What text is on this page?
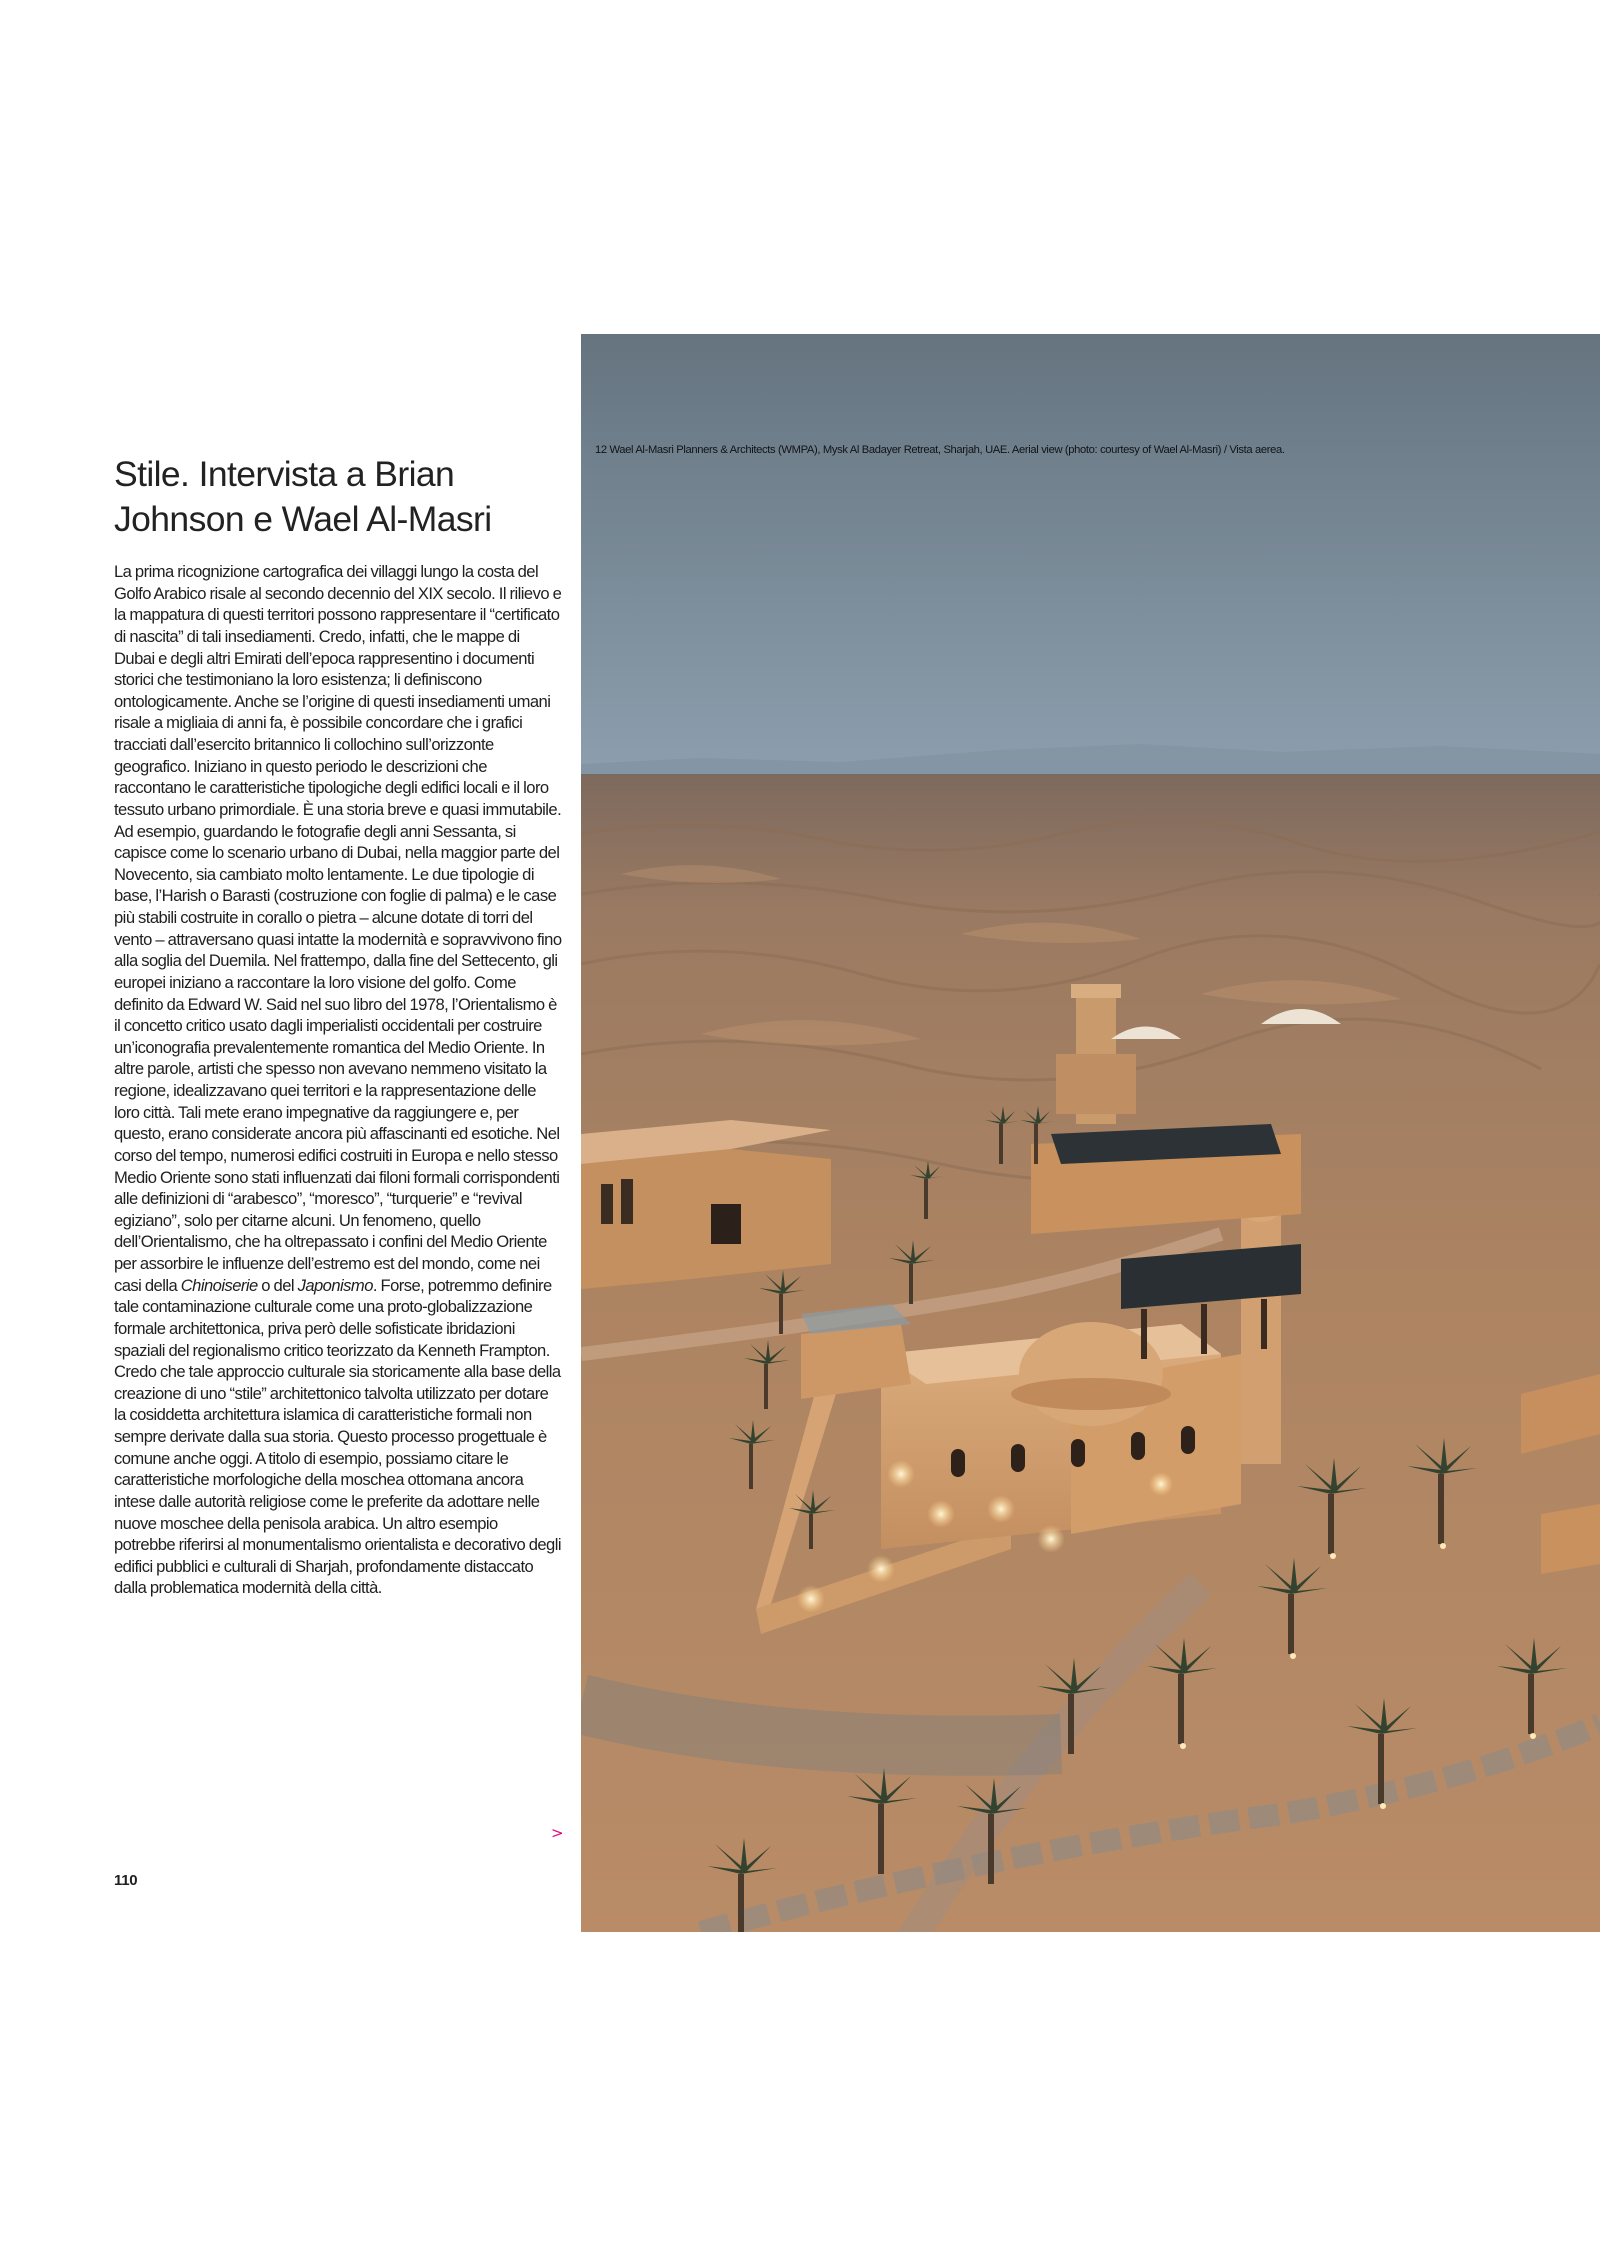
Stile. Intervista a Brian Johnson e Wael Al-Masri
La prima ricognizione cartografica dei villaggi lungo la costa del Golfo Arabico risale al secondo decennio del XIX secolo. Il rilievo e la mappatura di questi territori possono rappresentare il “certificato di nascita” di tali insediamenti. Credo, infatti, che le mappe di Dubai e degli altri Emirati dell’epoca rappresentino i documenti storici che testimoniano la loro esistenza; li definiscono ontologicamente. Anche se l’origine di questi insediamenti umani risale a migliaia di anni fa, è possibile concordare che i grafici tracciati dall’esercito britannico li collochino sull’orizzonte geografico. Iniziano in questo periodo le descrizioni che raccontano le caratteristiche tipologiche degli edifici locali e il loro tessuto urbano primordiale. È una storia breve e quasi immutabile. Ad esempio, guardando le fotografie degli anni Sessanta, si capisce come lo scenario urbano di Dubai, nella maggior parte del Novecento, sia cambiato molto lentamente. Le due tipologie di base, l’Harish o Barasti (costruzione con foglie di palma) e le case più stabili costruite in corallo o pietra – alcune dotate di torri del vento – attraversano quasi intatte la modernità e sopravvivono fino alla soglia del Duemila. Nel frattempo, dalla fine del Settecento, gli europei iniziano a raccontare la loro visione del golfo. Come definito da Edward W. Said nel suo libro del 1978, l’Orientalismo è il concetto critico usato dagli imperialisti occidentali per costruire un’iconografia prevalentemente romantica del Medio Oriente. In altre parole, artisti che spesso non avevano nemmeno visitato la regione, idealizzavano quei territori e la rappresentazione delle loro città. Tali mete erano impegnative da raggiungere e, per questo, erano considerate ancora più affascinanti ed esotiche. Nel corso del tempo, numerosi edifici costruiti in Europa e nello stesso Medio Oriente sono stati influenzati dai filoni formali corrispondenti alle definizioni di “arabesco”, “moresco”, “turquerie” e “revival egiziano”, solo per citarne alcuni. Un fenomeno, quello dell’Orientalismo, che ha oltrepassato i confini del Medio Oriente per assorbire le influenze dell’estremo est del mondo, come nei casi della Chinoiserie o del Japonismo. Forse, potremmo definire tale contaminazione culturale come una proto-globalizzazione formale architettonica, priva però delle sofisticate ibridazioni spaziali del regionalismo critico teorizzato da Kenneth Frampton.
Credo che tale approccio culturale sia storicamente alla base della creazione di uno “stile” architettonico talvolta utilizzato per dotare la cosiddetta architettura islamica di caratteristiche formali non sempre derivate dalla sua storia. Questo processo progettuale è comune anche oggi. A titolo di esempio, possiamo citare le caratteristiche morfologiche della moschea ottomana ancora intese dalle autorità religiose come le preferite da adottare nelle nuove moschee della penisola arabica. Un altro esempio potrebbe riferirsi al monumentalismo orientalista e decorativo degli edifici pubblici e culturali di Sharjah, profondamente distaccato dalla problematica modernità della città.
>
110
12 Wael Al-Masri Planners & Architects (WMPA), Mysk Al Badayer Retreat, Sharjah, UAE. Aerial view (photo: courtesy of Wael Al-Masri) / Vista aerea.
